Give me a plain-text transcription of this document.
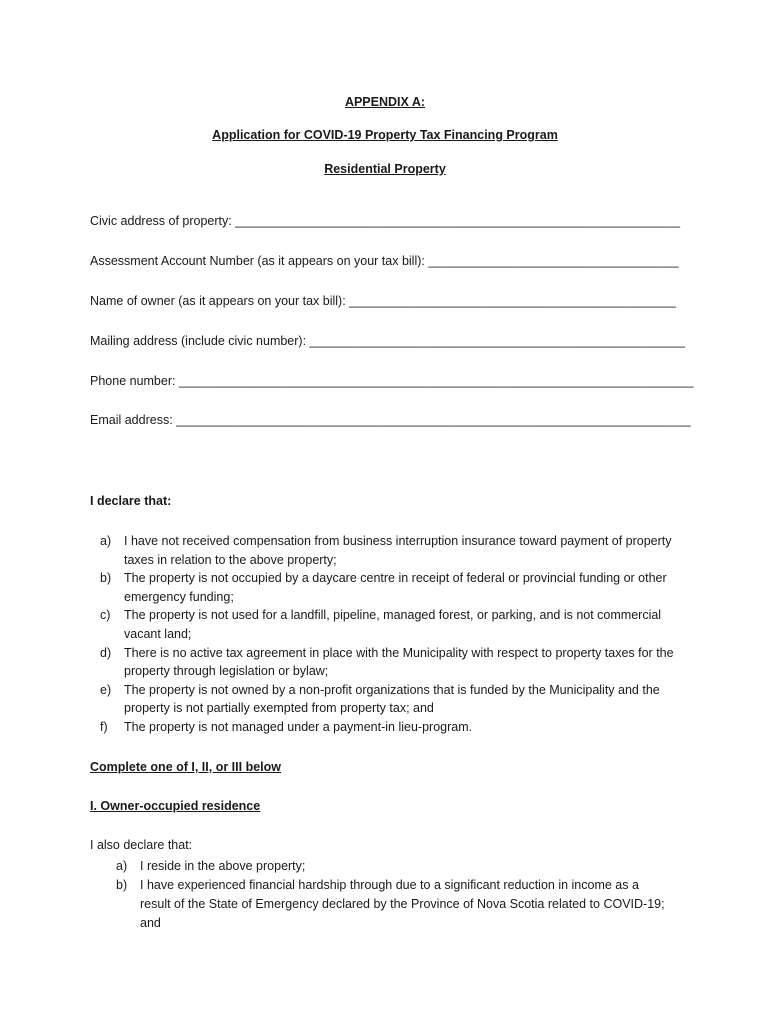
APPENDIX A:
Application for COVID-19 Property Tax Financing Program
Residential Property
Civic address of property: ________________________________________________________________
Assessment Account Number (as it appears on your tax bill): ____________________________________
Name of owner (as it appears on your tax bill): _______________________________________________
Mailing address (include civic number): ______________________________________________________
Phone number: __________________________________________________________________________
Email address: __________________________________________________________________________
I declare that:
a) I have not received compensation from business interruption insurance toward payment of property taxes in relation to the above property;
b) The property is not occupied by a daycare centre in receipt of federal or provincial funding or other emergency funding;
c) The property is not used for a landfill, pipeline, managed forest, or parking, and is not commercial vacant land;
d) There is no active tax agreement in place with the Municipality with respect to property taxes for the property through legislation or bylaw;
e) The property is not owned by a non-profit organizations that is funded by the Municipality and the property is not partially exempted from property tax; and
f) The property is not managed under a payment-in lieu-program.
Complete one of I, II, or III below
I. Owner-occupied residence
I also declare that:
a) I reside in the above property;
b) I have experienced financial hardship through due to a significant reduction in income as a result of the State of Emergency declared by the Province of Nova Scotia related to COVID-19; and
